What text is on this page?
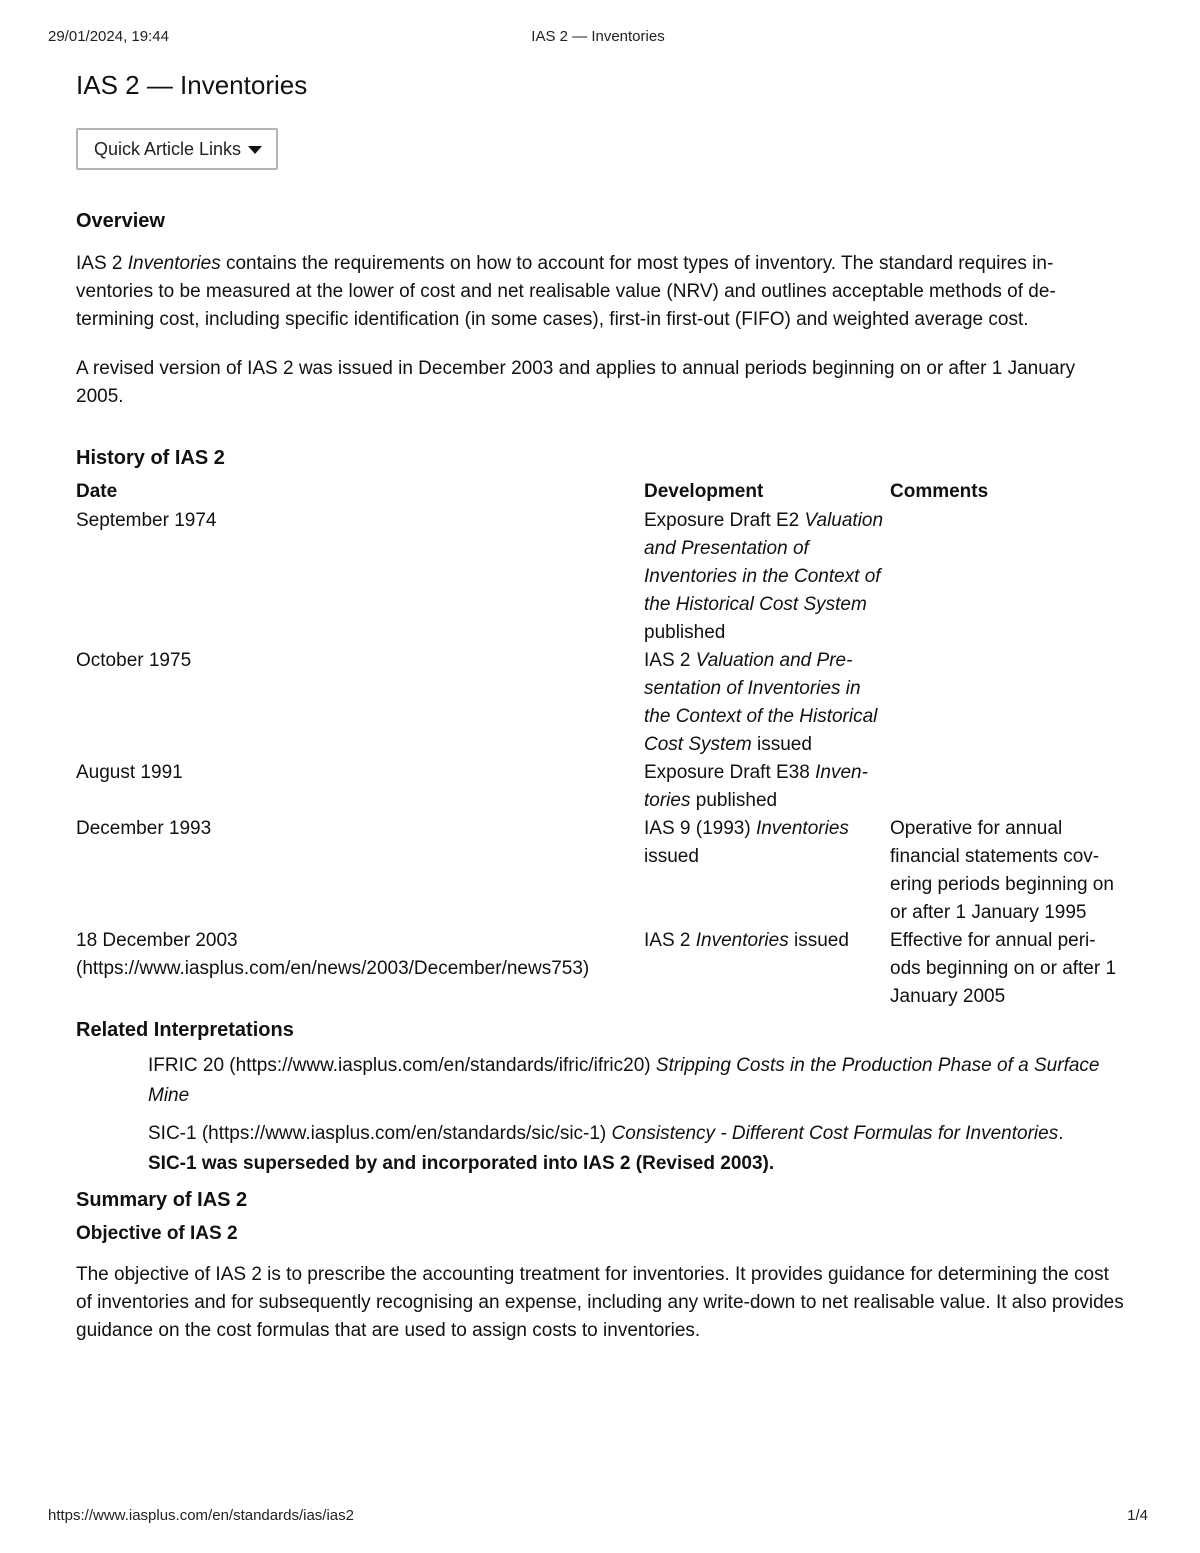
29/01/2024, 19:44	IAS 2 — Inventories
IAS 2 — Inventories
Quick Article Links
Overview

IAS 2 Inventories contains the requirements on how to account for most types of inventory. The standard requires in-ventories to be measured at the lower of cost and net realisable value (NRV) and outlines acceptable methods of de-termining cost, including specific identification (in some cases), first-in first-out (FIFO) and weighted average cost.

A revised version of IAS 2 was issued in December 2003 and applies to annual periods beginning on or after 1 January 2005.

History of IAS 2
Date	Development	Comments
September 1974	Exposure Draft E2 Valuation and Presentation of Inventories in the Context of the Historical Cost System published	
October 1975	IAS 2 Valuation and Pre-sentation of Inventories in the Context of the Historical Cost System issued	
August 1991	Exposure Draft E38 Inven-tories published	
December 1993	IAS 9 (1993) Inventories issued	Operative for annual financial statements cov-ering periods beginning on or after 1 January 1995
18 December 2003
(https://www.iasplus.com/en/news/2003/December/news753)	IAS 2 Inventories issued	Effective for annual peri-ods beginning on or after 1 January 2005
Related Interpretations

IFRIC 20 (https://www.iasplus.com/en/standards/ifric/ifric20) Stripping Costs in the Production Phase of a Surface Mine

SIC-1 (https://www.iasplus.com/en/standards/sic/sic-1) Consistency - Different Cost Formulas for Inventories.

SIC-1 was superseded by and incorporated into IAS 2 (Revised 2003).

Summary of IAS 2
Objective of IAS 2

The objective of IAS 2 is to prescribe the accounting treatment for inventories. It provides guidance for determining the cost of inventories and for subsequently recognising an expense, including any write-down to net realisable value. It also provides guidance on the cost formulas that are used to assign costs to inventories.

https://www.iasplus.com/en/standards/ias/ias2	1/4
